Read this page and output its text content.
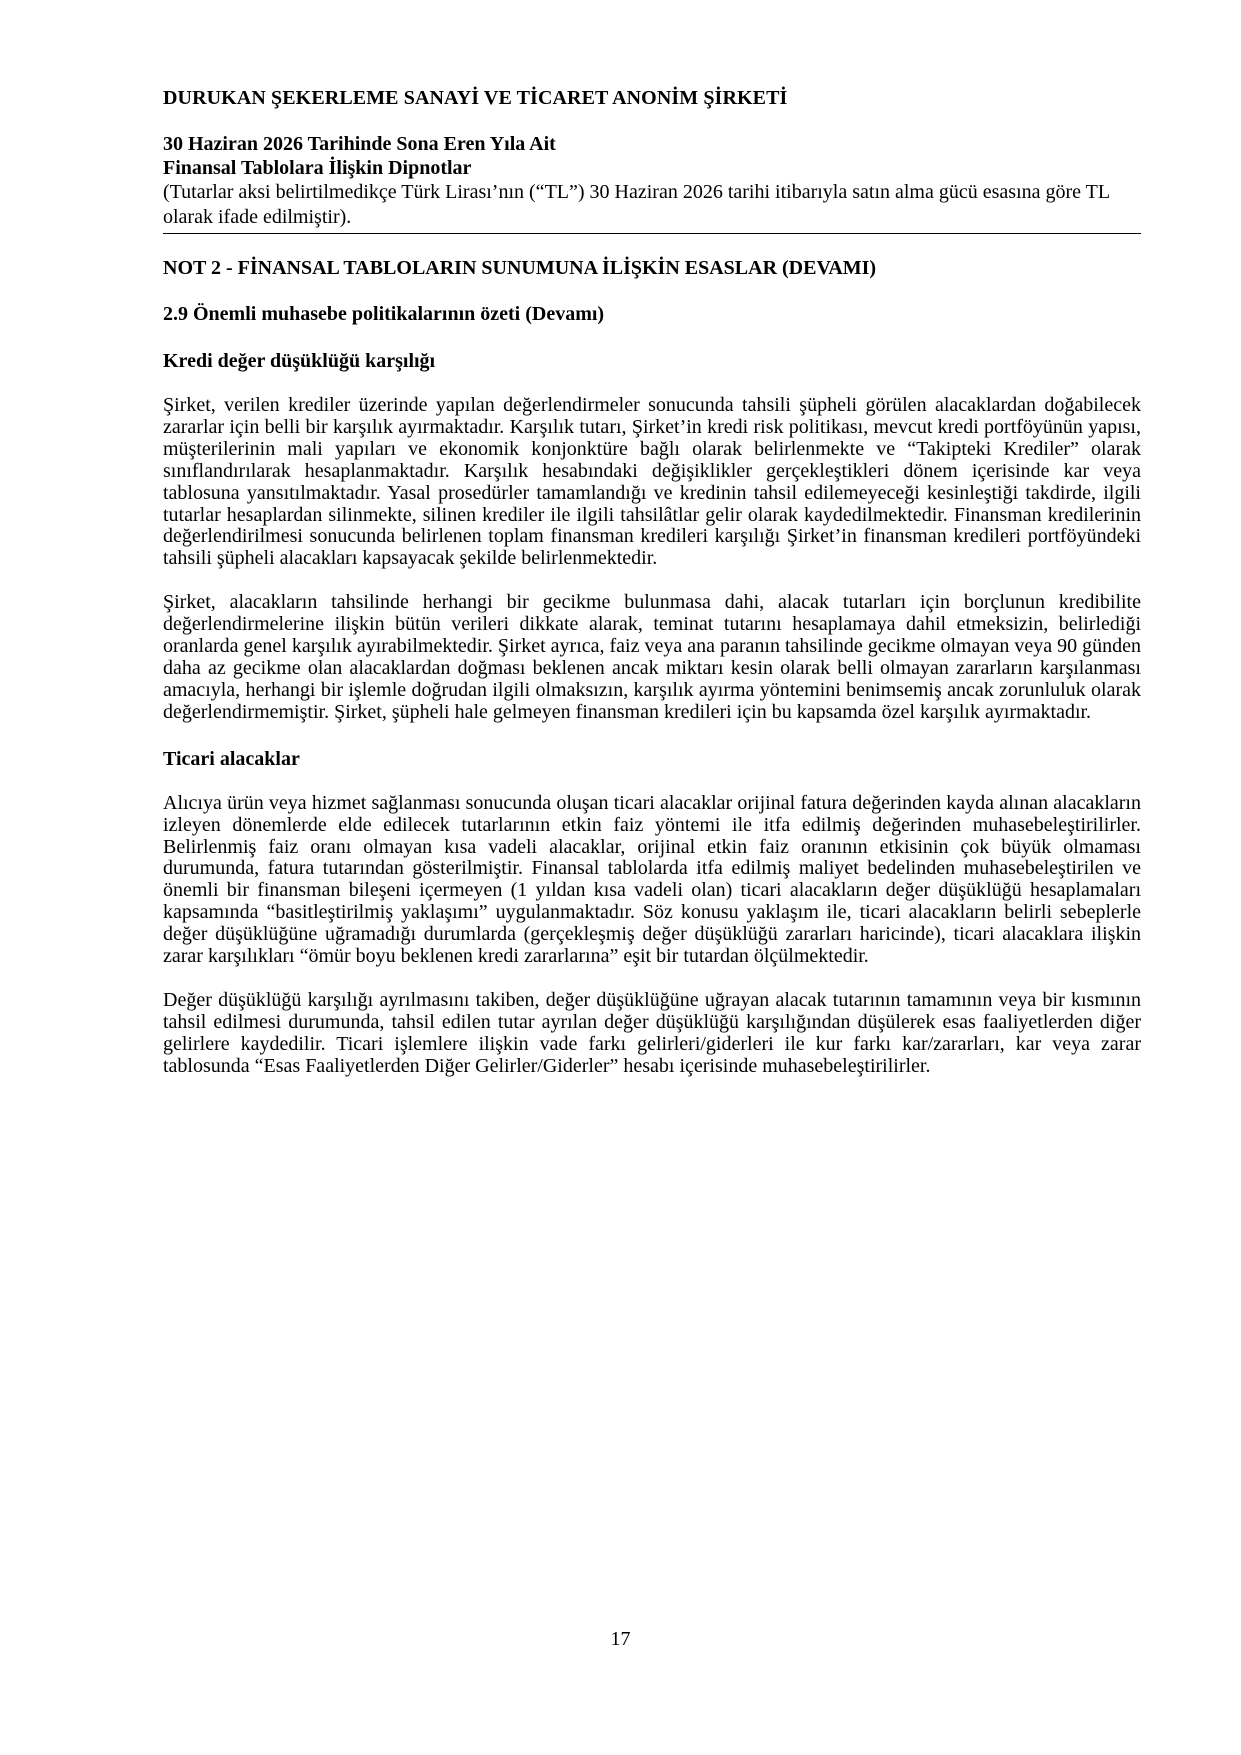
DURUKAN ŞEKERLEME SANAYİ VE TİCARET ANONİM ŞİRKETİ
30 Haziran 2026 Tarihinde Sona Eren Yıla Ait
Finansal Tablolara İlişkin Dipnotlar
(Tutarlar aksi belirtilmedikçe Türk Lirası’nın (“TL”) 30 Haziran 2026 tarihi itibarıyla satın alma gücü esasına göre TL olarak ifade edilmiştir).
NOT 2 - FİNANSAL TABLOLARIN SUNUMUNA İLİŞKİN ESASLAR (DEVAMI)
2.9 Önemli muhasebe politikalarının özeti (Devamı)
Kredi değer düşüklüğü karşılığı

Şirket, verilen krediler üzerinde yapılan değerlendirmeler sonucunda tahsili şüpheli görülen alacaklardan doğabilecek zararlar için belli bir karşılık ayırmaktadır. Karşılık tutarı, Şirket’in kredi risk politikası, mevcut kredi portföyünün yapısı, müşterilerinin mali yapıları ve ekonomik konjonktüre bağlı olarak belirlenmekte ve “Takipteki Krediler” olarak sınıflandırılarak hesaplanmaktadır. Karşılık hesabındaki değişiklikler gerçekleştikleri dönem içerisinde kar veya tablosuna yansıtılmaktadır. Yasal prosedürler tamamlandığı ve kredinin tahsil edilemeyeceği kesinleştiği takdirde, ilgili tutarlar hesaplardan silinmekte, silinen krediler ile ilgili tahsilâtlar gelir olarak kaydedilmektedir. Finansman kredilerinin değerlendirilmesi sonucunda belirlenen toplam finansman kredileri karşılığı Şirket’in finansman kredileri portföyündeki tahsili şüpheli alacakları kapsayacak şekilde belirlenmektedir.

Şirket, alacakların tahsilinde herhangi bir gecikme bulunmasa dahi, alacak tutarları için borçlunun kredibilite değerlendirmelerine ilişkin bütün verileri dikkate alarak, teminat tutarını hesaplamaya dahil etmeksizin, belirlediği oranlarda genel karşılık ayırabilmektedir. Şirket ayrıca, faiz veya ana paranın tahsilinde gecikme olmayan veya 90 günden daha az gecikme olan alacaklardan doğması beklenen ancak miktarı kesin olarak belli olmayan zararların karşılanması amacıyla, herhangi bir işlemle doğrudan ilgili olmaksızın, karşılık ayırma yöntemini benimsemiş ancak zorunluluk olarak değerlendirmemiştir. Şirket, şüpheli hale gelmeyen finansman kredileri için bu kapsamda özel karşılık ayırmaktadır.

Ticari alacaklar

Alıcıya ürün veya hizmet sağlanması sonucunda oluşan ticari alacaklar orijinal fatura değerinden kayda alınan alacakların izleyen dönemlerde elde edilecek tutarlarının etkin faiz yöntemi ile itfa edilmiş değerinden muhasebeleştirilirler. Belirlenmiş faiz oranı olmayan kısa vadeli alacaklar, orijinal etkin faiz oranının etkisinin çok büyük olmaması durumunda, fatura tutarından gösterilmiştir. Finansal tablolarda itfa edilmiş maliyet bedelinden muhasebeleştirilen ve önemli bir finansman bileşeni içermeyen (1 yıldan kısa vadeli olan) ticari alacakların değer düşüklüğü hesaplamaları kapsamında “basitleştirilmiş yaklaşımı” uygulanmaktadır. Söz konusu yaklaşım ile, ticari alacakların belirli sebeplerle değer düşüklüğüne uğramadığı durumlarda (gerçekleşmiş değer düşüklüğü zararları haricinde), ticari alacaklara ilişkin zarar karşılıkları “ömür boyu beklenen kredi zararlarına” eşit bir tutardan ölçülmektedir.

Değer düşüklüğü karşılığı ayrılmasını takiben, değer düşüklüğüne uğrayan alacak tutarının tamamının veya bir kısmının tahsil edilmesi durumunda, tahsil edilen tutar ayrılan değer düşüklüğü karşılığından düşülerek esas faaliyetlerden diğer gelirlere kaydedilir. Ticari işlemlere ilişkin vade farkı gelirleri/giderleri ile kur farkı kar/zararları, kar veya zarar tablosunda “Esas Faaliyetlerden Diğer Gelirler/Giderler” hesabı içerisinde muhasebeleştirilirler.

17
